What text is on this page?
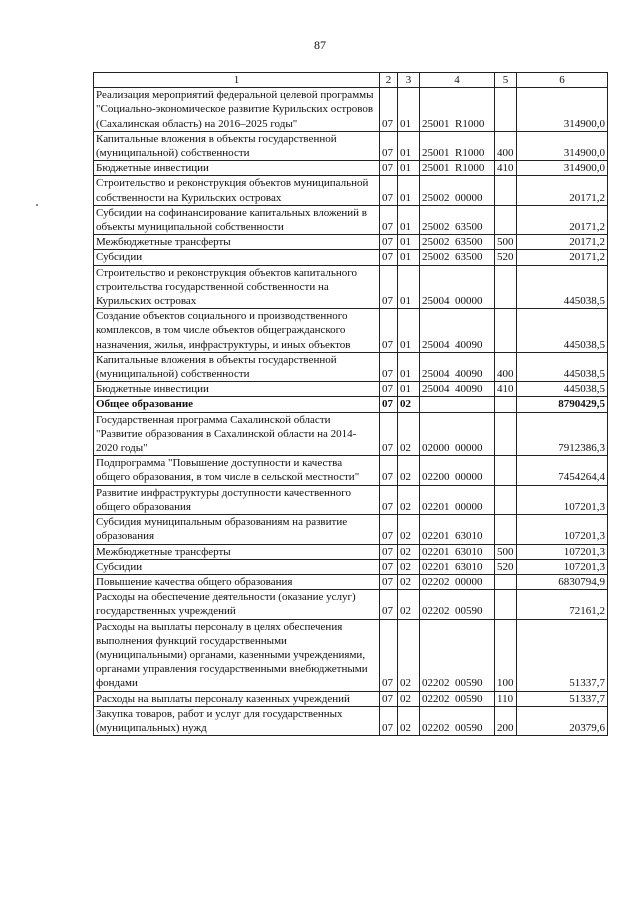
87
1	2	3	4	5	6
Реализация мероприятий федеральной целевой программы "Социально-экономическое развитие Курильских островов (Сахалинская область) на 2016–2025 годы"	07	01	25001  R1000		314900,0
Капитальные вложения в объекты государственной (муниципальной) собственности	07	01	25001  R1000	400	314900,0
Бюджетные инвестиции	07	01	25001  R1000	410	314900,0
Строительство и реконструкция объектов муниципальной собственности на Курильских островах	07	01	25002  00000		20171,2
Субсидии на софинансирование капитальных вложений в объекты муниципальной собственности	07	01	25002  63500		20171,2
Межбюджетные трансферты	07	01	25002  63500	500	20171,2
Субсидии	07	01	25002  63500	520	20171,2
Строительство и реконструкция объектов капитального строительства государственной собственности на Курильских островах	07	01	25004  00000		445038,5
Создание объектов социального и производственного комплексов, в том числе объектов общегражданского назначения, жилья, инфраструктуры, и иных объектов	07	01	25004  40090		445038,5
Капитальные вложения в объекты государственной (муниципальной) собственности	07	01	25004  40090	400	445038,5
Бюджетные инвестиции	07	01	25004  40090	410	445038,5
Общее образование	07	02			8790429,5
Государственная программа Сахалинской области "Развитие образования в Сахалинской области на 2014-2020 годы"	07	02	02000  00000		7912386,3
Подпрограмма "Повышение доступности и качества общего образования, в том числе в сельской местности"	07	02	02200  00000		7454264,4
Развитие инфраструктуры доступности качественного общего образования	07	02	02201  00000		107201,3
Субсидия муниципальным образованиям на развитие образования	07	02	02201  63010		107201,3
Межбюджетные трансферты	07	02	02201  63010	500	107201,3
Субсидии	07	02	02201  63010	520	107201,3
Повышение качества общего образования	07	02	02202  00000		6830794,9
Расходы на обеспечение деятельности (оказание услуг) государственных учреждений	07	02	02202  00590		72161,2
Расходы на выплаты персоналу в целях обеспечения выполнения функций государственными (муниципальными) органами, казенными учреждениями, органами управления государственными внебюджетными фондами	07	02	02202  00590	100	51337,7
Расходы на выплаты персоналу казенных учреждений	07	02	02202  00590	110	51337,7
Закупка товаров, работ и услуг для государственных (муниципальных) нужд	07	02	02202  00590	200	20379,6
